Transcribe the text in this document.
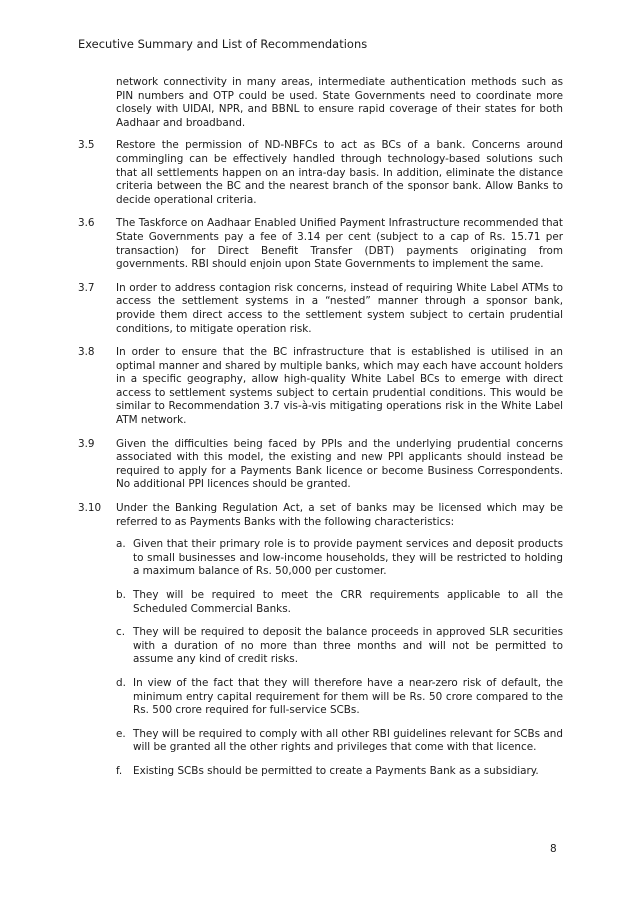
Executive Summary and List of Recommendations
network connectivity in many areas, intermediate authentication methods such as PIN numbers and OTP could be used. State Governments need to coordinate more closely with UIDAI, NPR, and BBNL to ensure rapid coverage of their states for both Aadhaar and broadband.
3.5	Restore the permission of ND-NBFCs to act as BCs of a bank. Concerns around commingling can be effectively handled through technology-based solutions such that all settlements happen on an intra-day basis. In addition, eliminate the distance criteria between the BC and the nearest branch of the sponsor bank. Allow Banks to decide operational criteria.
3.6	The Taskforce on Aadhaar Enabled Unified Payment Infrastructure recommended that State Governments pay a fee of 3.14 per cent (subject to a cap of Rs. 15.71 per transaction) for Direct Benefit Transfer (DBT) payments originating from governments. RBI should enjoin upon State Governments to implement the same.
3.7	In order to address contagion risk concerns, instead of requiring White Label ATMs to access the settlement systems in a “nested” manner through a sponsor bank, provide them direct access to the settlement system subject to certain prudential conditions, to mitigate operation risk.
3.8	In order to ensure that the BC infrastructure that is established is utilised in an optimal manner and shared by multiple banks, which may each have account holders in a specific geography, allow high-quality White Label BCs to emerge with direct access to settlement systems subject to certain prudential conditions. This would be similar to Recommendation 3.7 vis-à-vis mitigating operations risk in the White Label ATM network.
3.9	Given the difficulties being faced by PPIs and the underlying prudential concerns associated with this model, the existing and new PPI applicants should instead be required to apply for a Payments Bank licence or become Business Correspondents. No additional PPI licences should be granted.
3.10	Under the Banking Regulation Act, a set of banks may be licensed which may be referred to as Payments Banks with the following characteristics:

a. Given that their primary role is to provide payment services and deposit products to small businesses and low-income households, they will be restricted to holding a maximum balance of Rs. 50,000 per customer.
b. They will be required to meet the CRR requirements applicable to all the Scheduled Commercial Banks.
c. They will be required to deposit the balance proceeds in approved SLR securities with a duration of no more than three months and will not be permitted to assume any kind of credit risks.
d. In view of the fact that they will therefore have a near-zero risk of default, the minimum entry capital requirement for them will be Rs. 50 crore compared to the Rs. 500 crore required for full-service SCBs.
e. They will be required to comply with all other RBI guidelines relevant for SCBs and will be granted all the other rights and privileges that come with that licence.
f.	Existing SCBs should be permitted to create a Payments Bank as a subsidiary.
8
